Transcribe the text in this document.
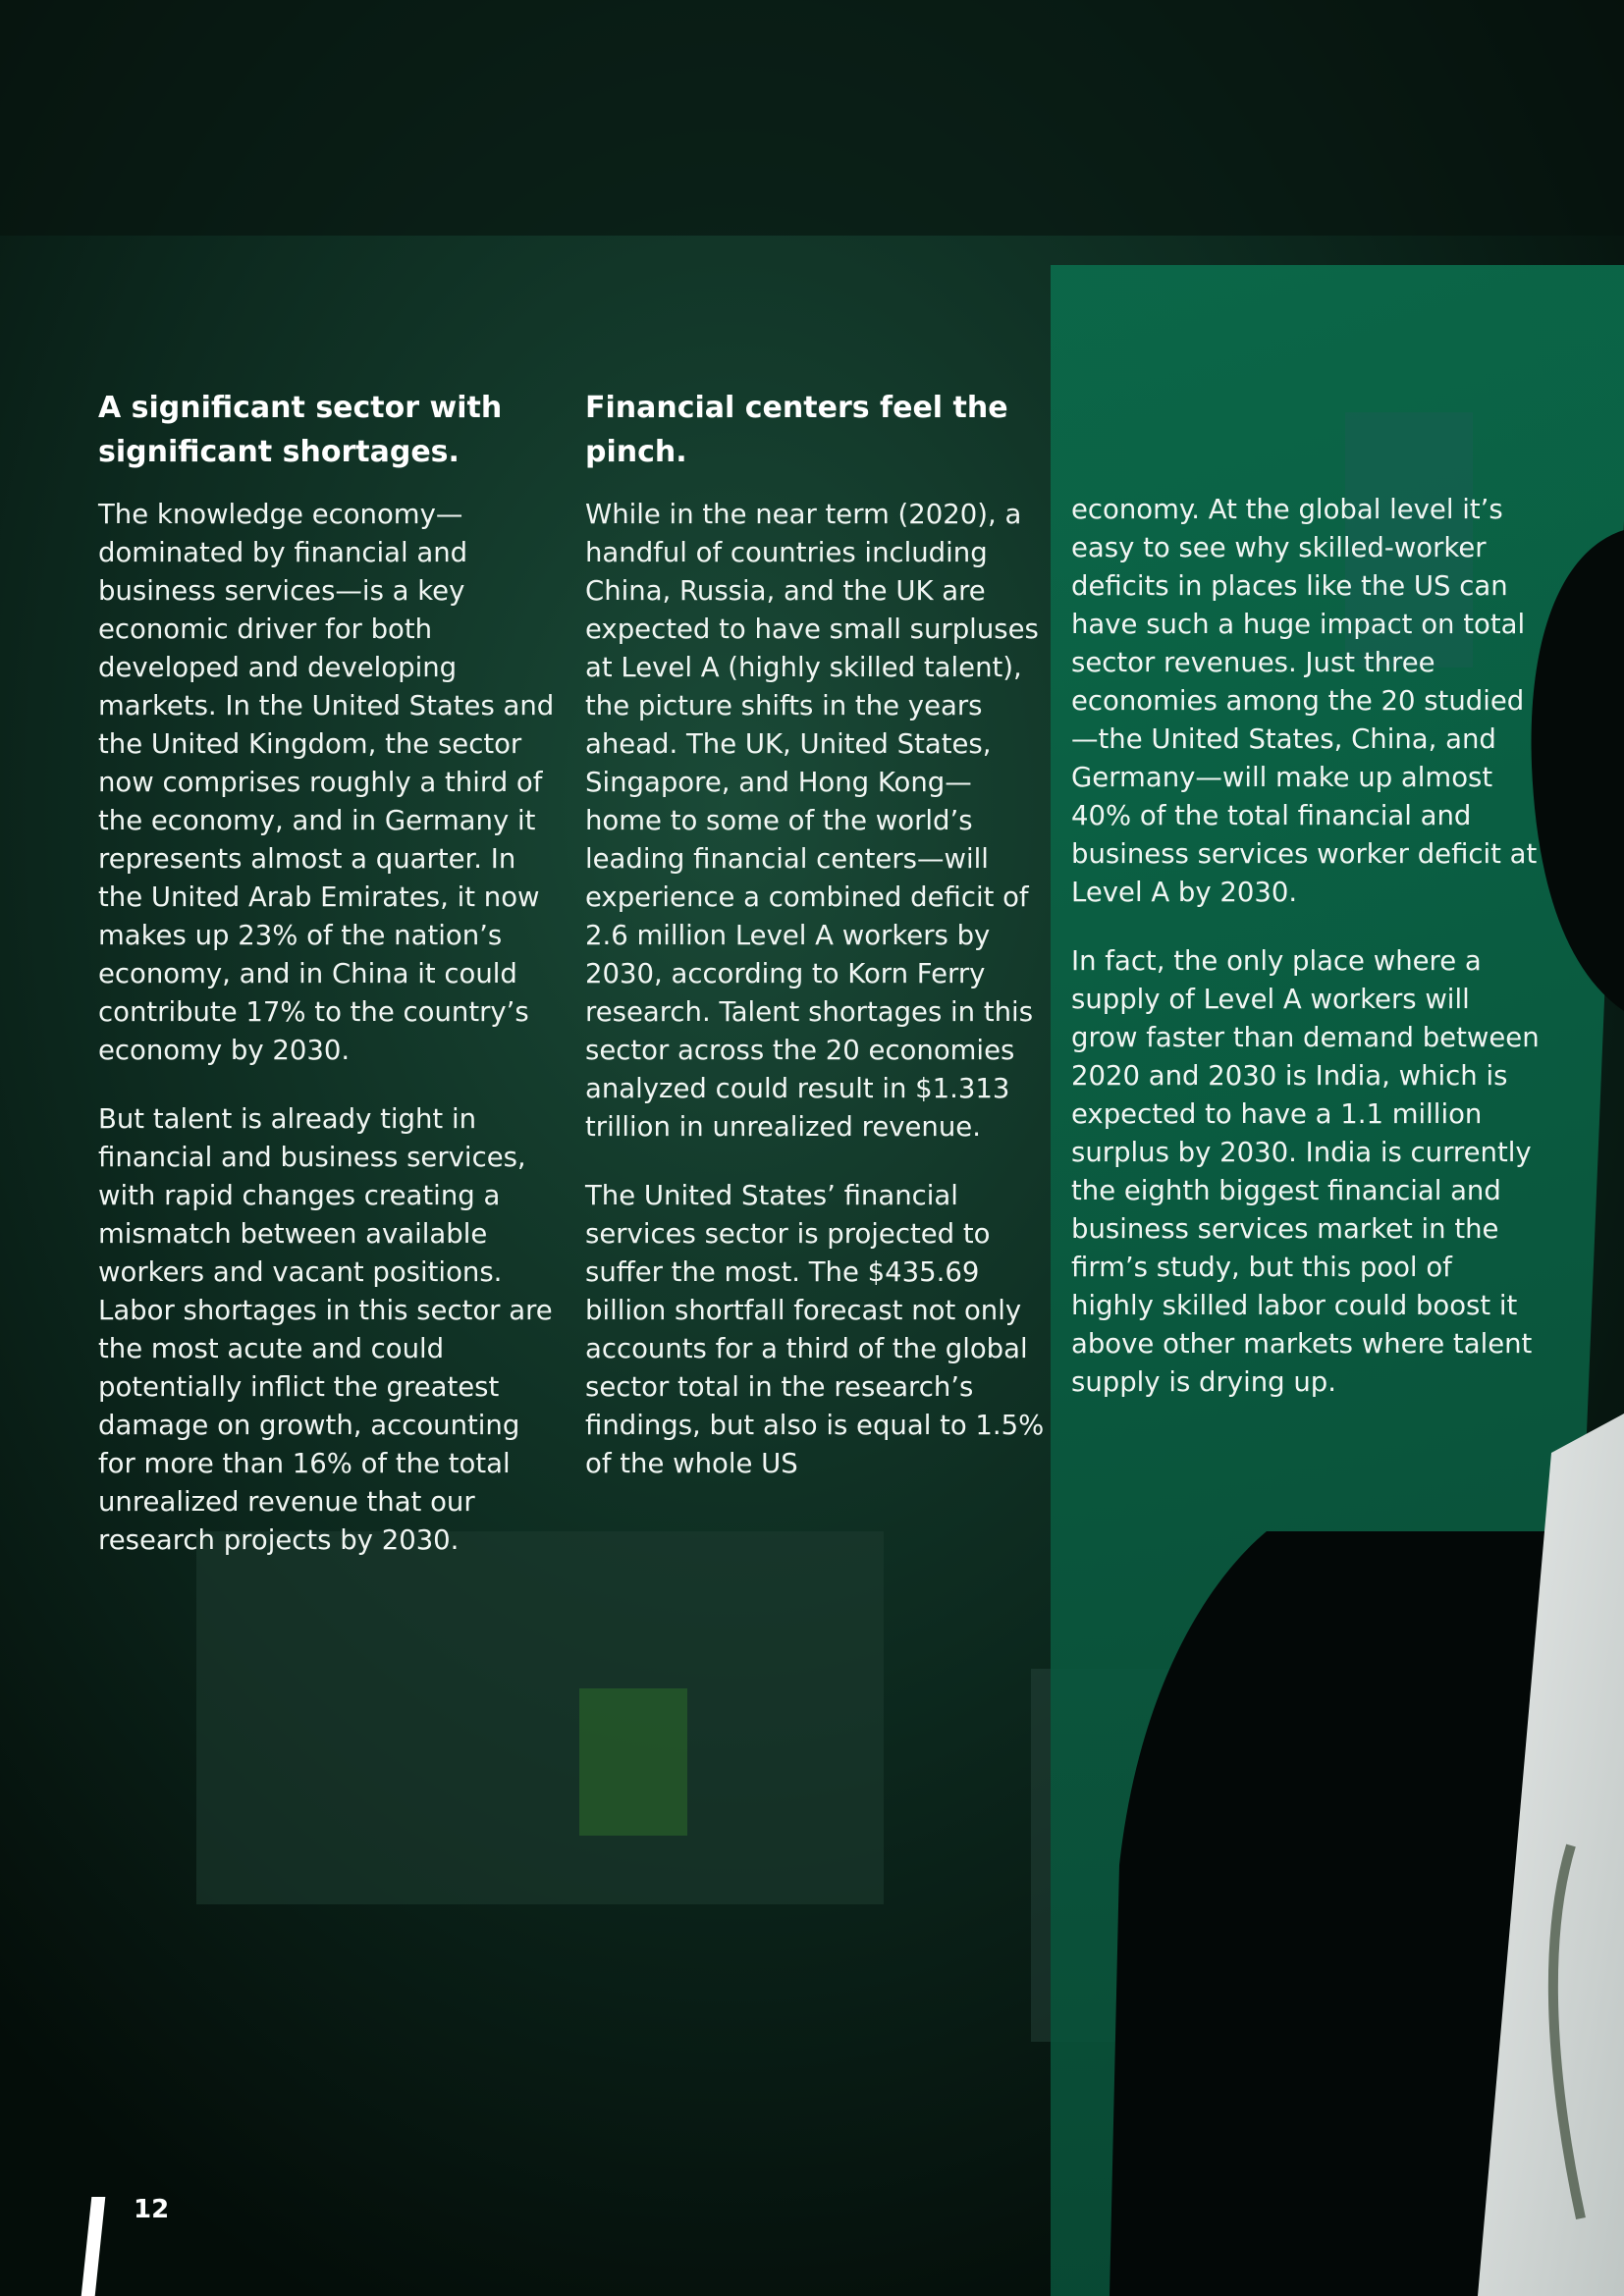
A significant sector with significant shortages.

The knowledge economy—dominated by financial and business services—is a key economic driver for both developed and developing markets. In the United States and the United Kingdom, the sector now comprises roughly a third of the economy, and in Germany it represents almost a quarter. In the United Arab Emirates, it now makes up 23% of the nation’s economy, and in China it could contribute 17% to the country’s economy by 2030.

But talent is already tight in financial and business services, with rapid changes creating a mismatch between available workers and vacant positions. Labor shortages in this sector are the most acute and could potentially inflict the greatest damage on growth, accounting for more than 16% of the total unrealized revenue that our research projects by 2030.

Financial centers feel the pinch.

While in the near term (2020), a handful of countries including China, Russia, and the UK are expected to have small surpluses at Level A (highly skilled talent), the picture shifts in the years ahead. The UK, United States, Singapore, and Hong Kong—home to some of the world’s leading financial centers—will experience a combined deficit of 2.6 million Level A workers by 2030, according to Korn Ferry research. Talent shortages in this sector across the 20 economies analyzed could result in $1.313 trillion in unrealized revenue.

The United States’ financial services sector is projected to suffer the most. The $435.69 billion shortfall forecast not only accounts for a third of the global sector total in the research’s findings, but also is equal to 1.5% of the whole US

economy. At the global level it’s easy to see why skilled-worker deficits in places like the US can have such a huge impact on total sector revenues. Just three economies among the 20 studied—the United States, China, and Germany—will make up almost 40% of the total financial and business services worker deficit at Level A by 2030.

In fact, the only place where a supply of Level A workers will grow faster than demand between 2020 and 2030 is India, which is expected to have a 1.1 million surplus by 2030. India is currently the eighth biggest financial and business services market in the firm’s study, but this pool of highly skilled labor could boost it above other markets where talent supply is drying up.

12
